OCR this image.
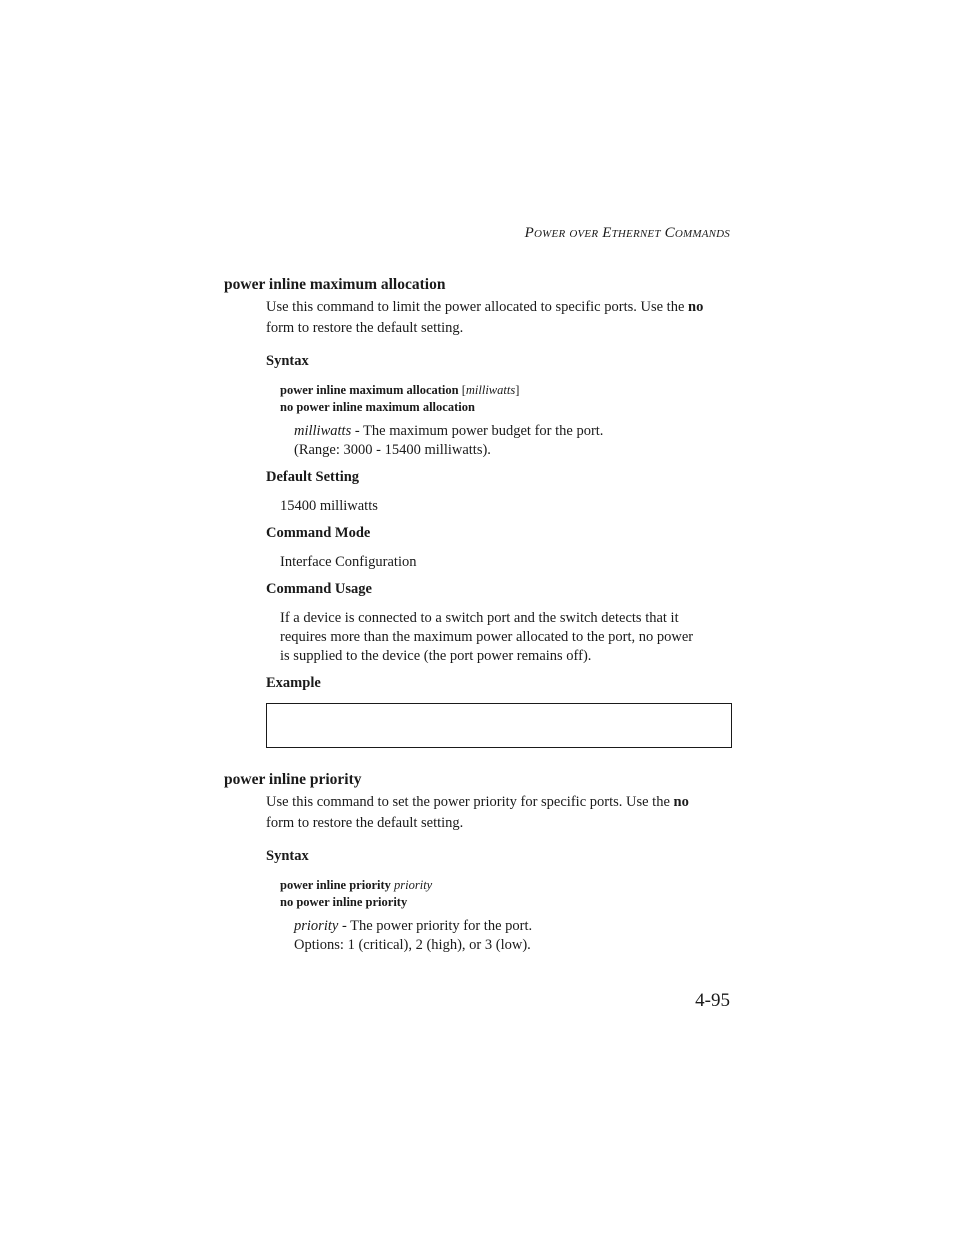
POWER OVER ETHERNET COMMANDS
power inline maximum allocation
Use this command to limit the power allocated to specific ports. Use the no
form to restore the default setting.
Syntax
power inline maximum allocation [milliwatts]
no power inline maximum allocation
milliwatts - The maximum power budget for the port.
(Range: 3000 - 15400 milliwatts).
Default Setting
15400 milliwatts
Command Mode
Interface Configuration
Command Usage
If a device is connected to a switch port and the switch detects that it
requires more than the maximum power allocated to the port, no power
is supplied to the device (the port power remains off).
Example
power inline priority
Use this command to set the power priority for specific ports. Use the no
form to restore the default setting.
Syntax
power inline priority priority
no power inline priority
priority - The power priority for the port.
Options: 1 (critical), 2 (high), or 3 (low).
4-95
